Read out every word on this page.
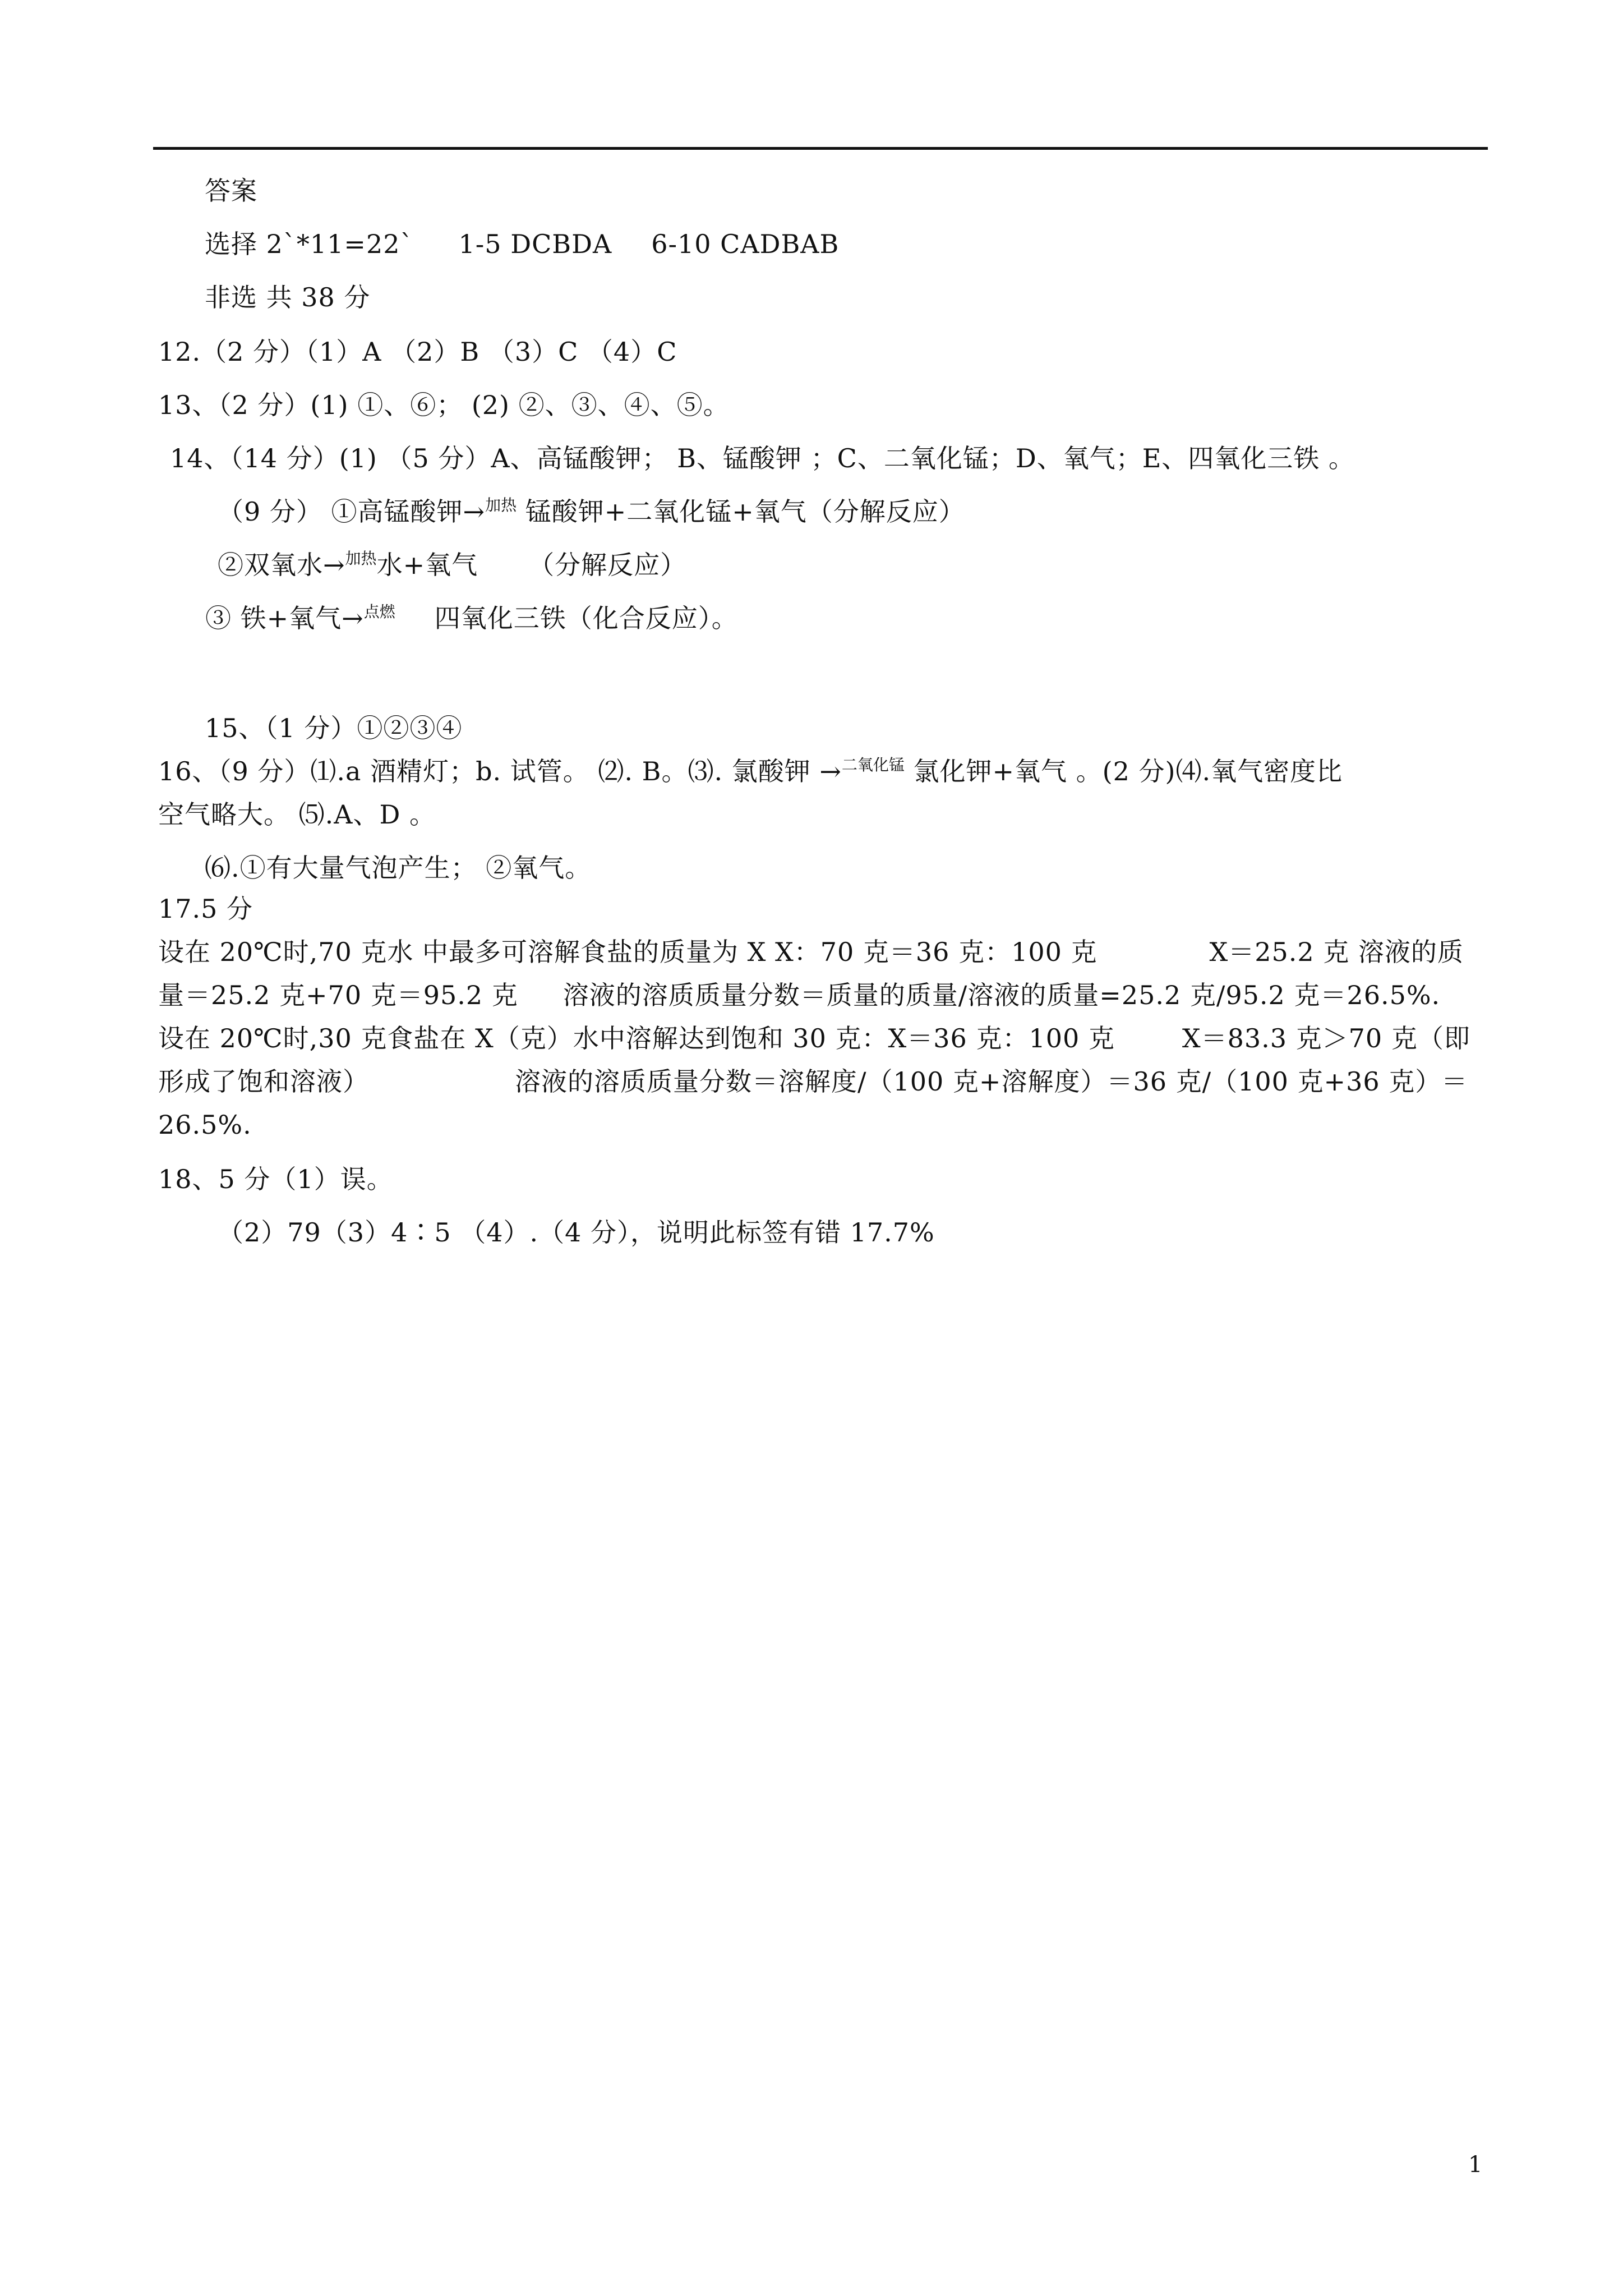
答案
选择 2`*11=22` 1-5 DCBDA 6-10 CADBAB
非选 共 38 分
12.（2 分）（1）A （2）B （3）C （4）C
13、（2 分）(1) ①、⑥； (2) ②、③、④、⑤。
14、（14 分）(1) （5 分）A、高锰酸钾； B、锰酸钾 ；C、二氧化锰；D、氧气；E、四氧化三铁 。
（9 分） ①高锰酸钾→$^{加热}$ 锰酸钾+二氧化锰+氧气（分解反应）
②双氧水→$^{加热}$水+氧气 （分解反应）
③ 铁+氧气→$^{点燃}$ 四氧化三铁（化合反应）。
15、（1 分）①②③④
16、（9 分）⑴.a 酒精灯；b. 试管。 ⑵. B。⑶. 氯酸钾 →$^{二氧化锰}$ 氯化钾+氧气 。(2 分)⑷.氧气密度比
空气略大。 ⑸.A、D 。
⑹.①有大量气泡产生； ②氧气。
17.5 分
设在 20℃时,70 克水 中最多可溶解食盐的质量为 X X：70 克＝36 克：100 克	X＝25.2 克 溶液的质
量＝25.2 克+70 克＝95.2 克 溶液的溶质质量分数＝质量的质量/溶液的质量=25.2 克/95.2 克＝26.5%.
设在 20℃时,30 克食盐在 X（克）水中溶解达到饱和 30 克：X＝36 克：100 克	X＝83.3 克＞70 克（即
形成了饱和溶液）	溶液的溶质质量分数＝溶解度/（100 克+溶解度）＝36 克/（100 克+36 克）＝
26.5%.
18、5 分（1）误。
（2）79（3）4∶5 （4）.（4 分），说明此标签有错 17.7%
1
